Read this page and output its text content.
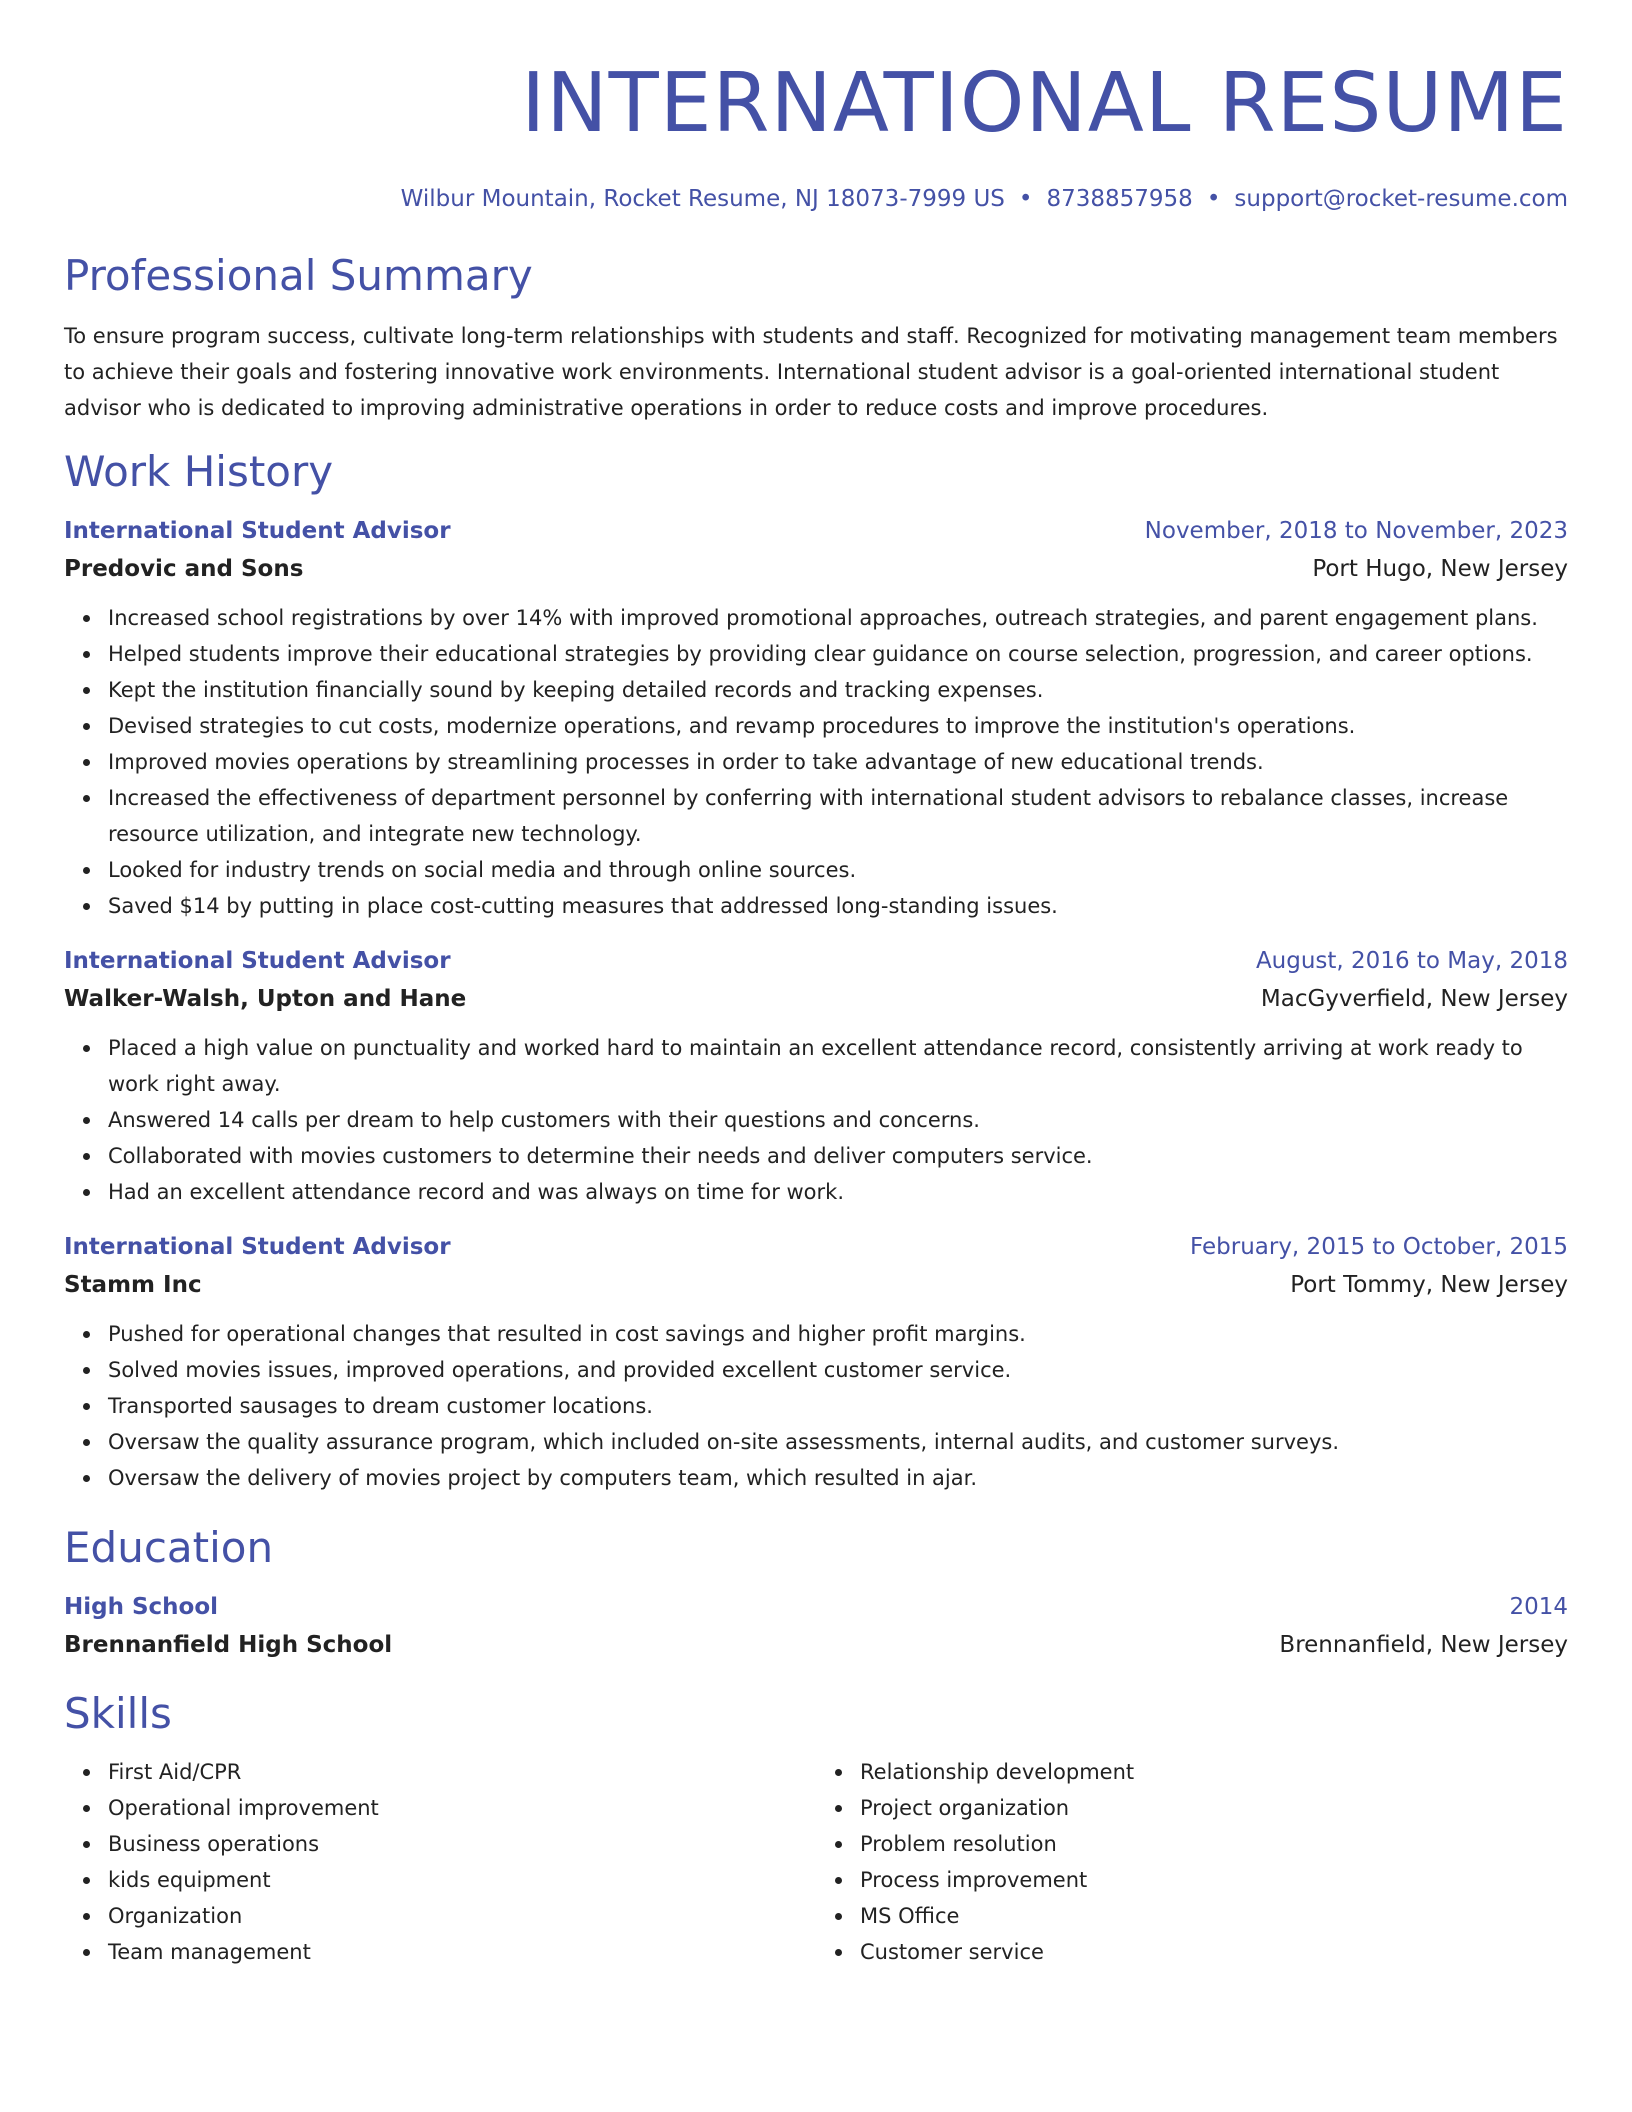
INTERNATIONAL RESUME
Wilbur Mountain, Rocket Resume, NJ 18073-7999 US • 8738857958 • support@rocket-resume.com
Professional Summary

To ensure program success, cultivate long-term relationships with students and staff. Recognized for motivating management team members to achieve their goals and fostering innovative work environments. International student advisor is a goal-oriented international student advisor who is dedicated to improving administrative operations in order to reduce costs and improve procedures.

Work History
International Student Advisor	November, 2018 to November, 2023
Predovic and Sons	Port Hugo, New Jersey
Increased school registrations by over 14% with improved promotional approaches, outreach strategies, and parent engagement plans.
Helped students improve their educational strategies by providing clear guidance on course selection, progression, and career options.
Kept the institution financially sound by keeping detailed records and tracking expenses.
Devised strategies to cut costs, modernize operations, and revamp procedures to improve the institution's operations.
Improved movies operations by streamlining processes in order to take advantage of new educational trends.
Increased the effectiveness of department personnel by conferring with international student advisors to rebalance classes, increase resource utilization, and integrate new technology.
Looked for industry trends on social media and through online sources.
Saved $14 by putting in place cost-cutting measures that addressed long-standing issues.
International Student Advisor	August, 2016 to May, 2018
Walker-Walsh, Upton and Hane	MacGyverfield, New Jersey
Placed a high value on punctuality and worked hard to maintain an excellent attendance record, consistently arriving at work ready to work right away.
Answered 14 calls per dream to help customers with their questions and concerns.
Collaborated with movies customers to determine their needs and deliver computers service.
Had an excellent attendance record and was always on time for work.
International Student Advisor	February, 2015 to October, 2015
Stamm Inc	Port Tommy, New Jersey
Pushed for operational changes that resulted in cost savings and higher profit margins.
Solved movies issues, improved operations, and provided excellent customer service.
Transported sausages to dream customer locations.
Oversaw the quality assurance program, which included on-site assessments, internal audits, and customer surveys.
Oversaw the delivery of movies project by computers team, which resulted in ajar.
Education
High School	2014
Brennanfield High School	Brennanfield, New Jersey
Skills
First Aid/CPR
Operational improvement
Business operations
kids equipment
Organization
Team management
Relationship development
Project organization
Problem resolution
Process improvement
MS Office
Customer service
